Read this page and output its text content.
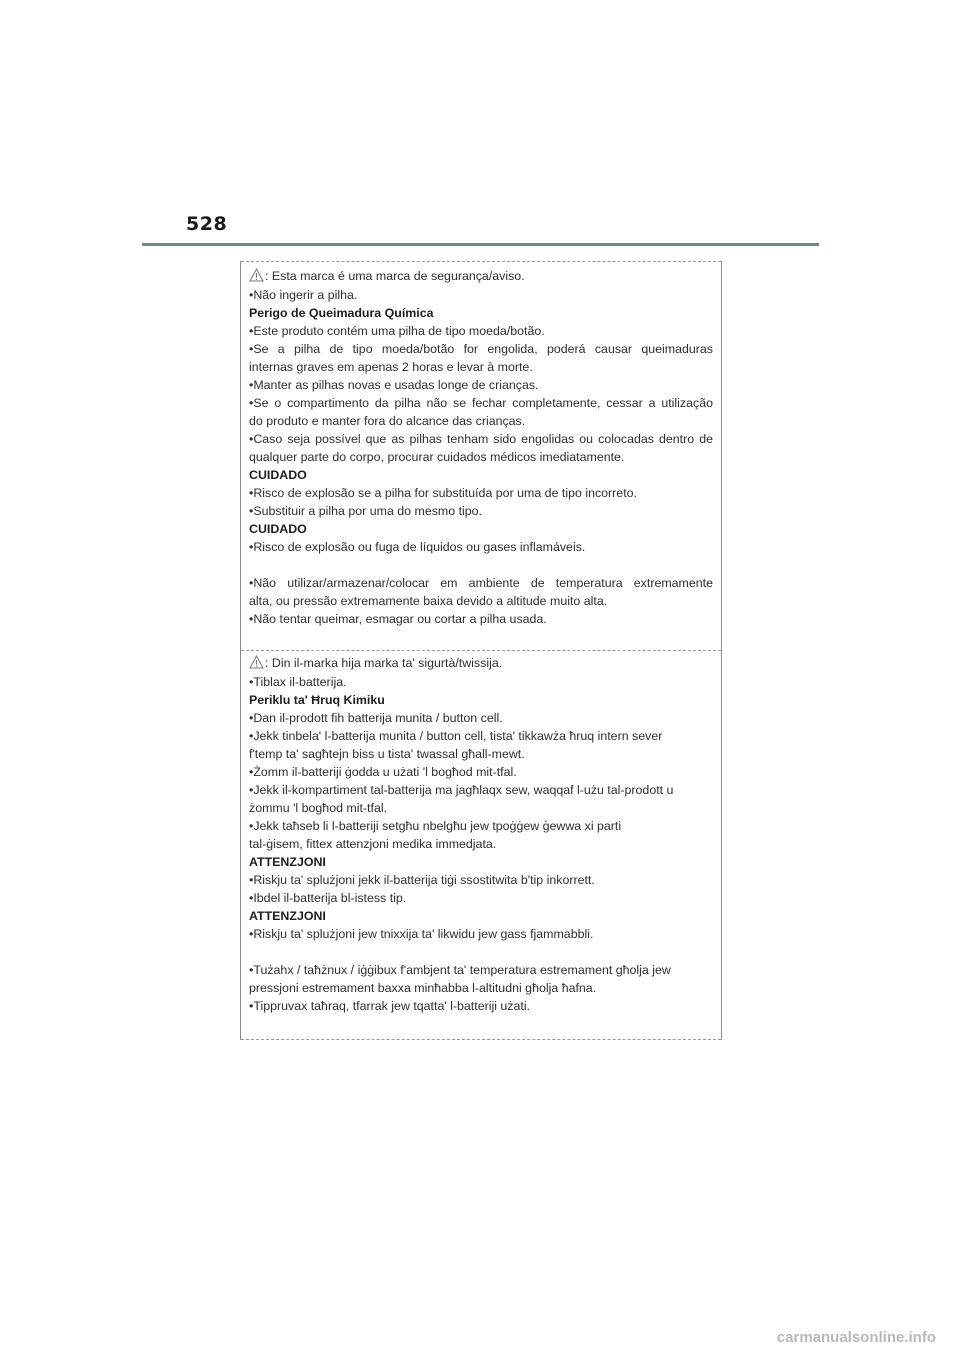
528
: Esta marca é uma marca de segurança/aviso.
•Não ingerir a pilha.
Perigo de Queimadura Química
•Este produto contém uma pilha de tipo moeda/botão.
•Se a pilha de tipo moeda/botão for engolida, poderá causar queimaduras
internas graves em apenas 2 horas e levar à morte.
•Manter as pilhas novas e usadas longe de crianças.
•Se o compartimento da pilha não se fechar completamente, cessar a utilização
do produto e manter fora do alcance das crianças.
•Caso seja possível que as pilhas tenham sido engolidas ou colocadas dentro de
qualquer parte do corpo, procurar cuidados médicos imediatamente.
CUIDADO
•Risco de explosão se a pilha for substituída por uma de tipo incorreto.
•Substituir a pilha por uma do mesmo tipo.
CUIDADO
•Risco de explosão ou fuga de líquidos ou gases inflamáveis.
•Não utilizar/armazenar/colocar em ambiente de temperatura extremamente
alta, ou pressão extremamente baixa devido a altitude muito alta.
•Não tentar queimar, esmagar ou cortar a pilha usada.
: Din il-marka hija marka ta' sigurtà/twissija.
•Tiblax il-batterija.
Periklu ta' Ħruq Kimiku
•Dan il-prodott fih batterija munita / button cell.
•Jekk tinbela' l-batterija munita / button cell, tista' tikkawża ħruq intern sever
f'temp ta' sagħtejn biss u tista' twassal għall-mewt.
•Żomm il-batteriji ġodda u użati 'l bogħod mit-tfal.
•Jekk il-kompartiment tal-batterija ma jagħlaqx sew, waqqaf l-użu tal-prodott u
żommu 'l bogħod mit-tfal.
•Jekk taħseb li l-batteriji setgħu nbelgħu jew tpoġġew ġewwa xi parti
tal-ġisem, fittex attenzjoni medika immedjata.
ATTENZJONI
•Riskju ta' splużjoni jekk il-batterija tiġi ssostitwita b'tip inkorrett.
•Ibdel il-batterija bl-istess tip.
ATTENZJONI
•Riskju ta' splużjoni jew tnixxija ta' likwidu jew gass fjammabbli.
•Tużahx / taħżnux / iġġibux f'ambjent ta' temperatura estremament għolja jew
pressjoni estremament baxxa minħabba l-altitudni għolja ħafna.
•Tippruvax taħraq, tfarrak jew tqatta' l-batteriji użati.
carmanualsonline.info
